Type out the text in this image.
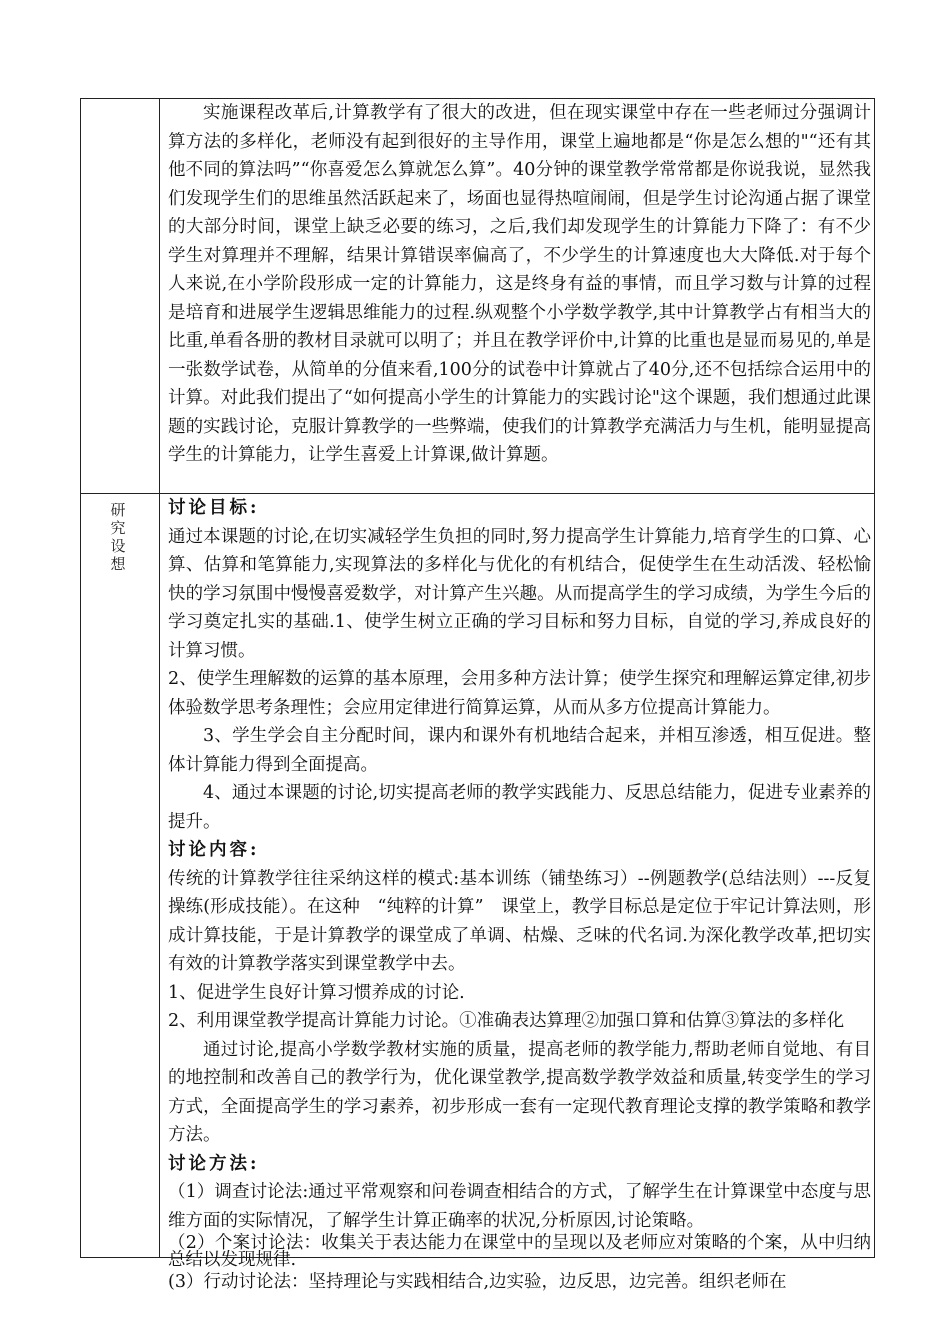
研
究
设
想

实施课程改革后,计算教学有了很大的改进，但在现实课堂中存在一些老师过分强调计算方法的多样化，老师没有起到很好的主导作用，课堂上遍地都是“你是怎么想的"“还有其他不同的算法吗”“你喜爱怎么算就怎么算”。40分钟的课堂教学常常都是你说我说，显然我们发现学生们的思维虽然活跃起来了，场面也显得热喧闹闹，但是学生讨论沟通占据了课堂的大部分时间，课堂上缺乏必要的练习，之后,我们却发现学生的计算能力下降了：有不少学生对算理并不理解，结果计算错误率偏高了，不少学生的计算速度也大大降低.对于每个人来说,在小学阶段形成一定的计算能力，这是终身有益的事情，而且学习数与计算的过程是培育和进展学生逻辑思维能力的过程.纵观整个小学数学教学,其中计算教学占有相当大的比重,单看各册的教材目录就可以明了；并且在教学评价中,计算的比重也是显而易见的,单是一张数学试卷，从简单的分值来看,100分的试卷中计算就占了40分,还不包括综合运用中的计算。对此我们提出了“如何提高小学生的计算能力的实践讨论"这个课题，我们想通过此课题的实践讨论，克服计算教学的一些弊端，使我们的计算教学充满活力与生机，能明显提高学生的计算能力，让学生喜爱上计算课,做计算题。

讨论目标:

通过本课题的讨论,在切实减轻学生负担的同时,努力提高学生计算能力,培育学生的口算、心算、估算和笔算能力,实现算法的多样化与优化的有机结合，促使学生在生动活泼、轻松愉快的学习氛围中慢慢喜爱数学，对计算产生兴趣。从而提高学生的学习成绩，为学生今后的学习奠定扎实的基础.1、使学生树立正确的学习目标和努力目标，自觉的学习,养成良好的计算习惯。

2、使学生理解数的运算的基本原理，会用多种方法计算；使学生探究和理解运算定律,初步体验数学思考条理性；会应用定律进行简算运算，从而从多方位提高计算能力。

3、学生学会自主分配时间，课内和课外有机地结合起来，并相互渗透，相互促进。整体计算能力得到全面提高。

4、通过本课题的讨论,切实提高老师的教学实践能力、反思总结能力，促进专业素养的提升。

讨论内容:

传统的计算教学往往采纳这样的模式:基本训练（铺垫练习）--例题教学(总结法则）---反复操练(形成技能）。在这种　“纯粹的计算”　课堂上，教学目标总是定位于牢记计算法则，形成计算技能，于是计算教学的课堂成了单调、枯燥、乏味的代名词.为深化教学改革,把切实有效的计算教学落实到课堂教学中去。

1、促进学生良好计算习惯养成的讨论.

2、利用课堂教学提高计算能力讨论。①准确表达算理②加强口算和估算③算法的多样化

通过讨论,提高小学数学教材实施的质量，提高老师的教学能力,帮助老师自觉地、有目的地控制和改善自己的教学行为，优化课堂教学,提高数学教学效益和质量,转变学生的学习方式，全面提高学生的学习素养，初步形成一套有一定现代教育理论支撑的教学策略和教学方法。

讨论方法:

（1）调查讨论法:通过平常观察和问卷调查相结合的方式，了解学生在计算课堂中态度与思维方面的实际情况，了解学生计算正确率的状况,分析原因,讨论策略。

（2）个案讨论法：收集关于表达能力在课堂中的呈现以及老师应对策略的个案，从中归纳总结以发现规律.

(3）行动讨论法：坚持理论与实践相结合,边实验，边反思，边完善。组织老师在
